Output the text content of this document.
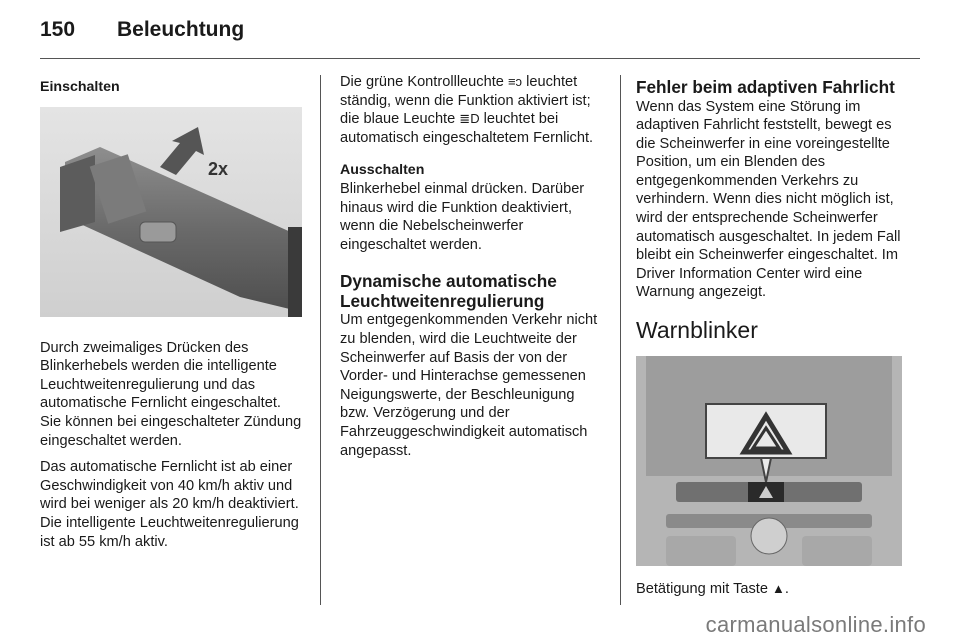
150 Beleuchtung
Einschalten
2x

Durch zweimaliges Drücken des Blinkerhebels werden die intelligente Leuchtweitenregulierung und das automatische Fernlicht eingeschaltet. Sie können bei eingeschalteter Zündung eingeschaltet werden.

Das automatische Fernlicht ist ab einer Geschwindigkeit von 40 km/h aktiv und wird bei weniger als 20 km/h deaktiviert. Die intelligente Leuchtweitenregulierung ist ab 55 km/h aktiv.

Die grüne Kontrollleuchte ≡ↄ leuchtet ständig, wenn die Funktion aktiviert ist; die blaue Leuchte ≣D leuchtet bei automatisch eingeschaltetem Fernlicht.

Ausschalten

Blinkerhebel einmal drücken. Darüber hinaus wird die Funktion deaktiviert, wenn die Nebelscheinwerfer eingeschaltet werden.

Dynamische automatische Leuchtweitenregulierung

Um entgegenkommenden Verkehr nicht zu blenden, wird die Leuchtweite der Scheinwerfer auf Basis der von der Vorder- und Hinterachse gemessenen Neigungswerte, der Beschleunigung bzw. Verzögerung und der Fahrzeuggeschwindigkeit automatisch angepasst.

Fehler beim adaptiven Fahrlicht

Wenn das System eine Störung im adaptiven Fahrlicht feststellt, bewegt es die Scheinwerfer in eine voreingestellte Position, um ein Blenden des entgegenkommenden Verkehrs zu verhindern. Wenn dies nicht möglich ist, wird der entsprechende Scheinwerfer automatisch ausgeschaltet. In jedem Fall bleibt ein Scheinwerfer eingeschaltet. Im Driver Information Center wird eine Warnung angezeigt.

Warnblinker

Betätigung mit Taste ▲.

carmanualsonline.info
